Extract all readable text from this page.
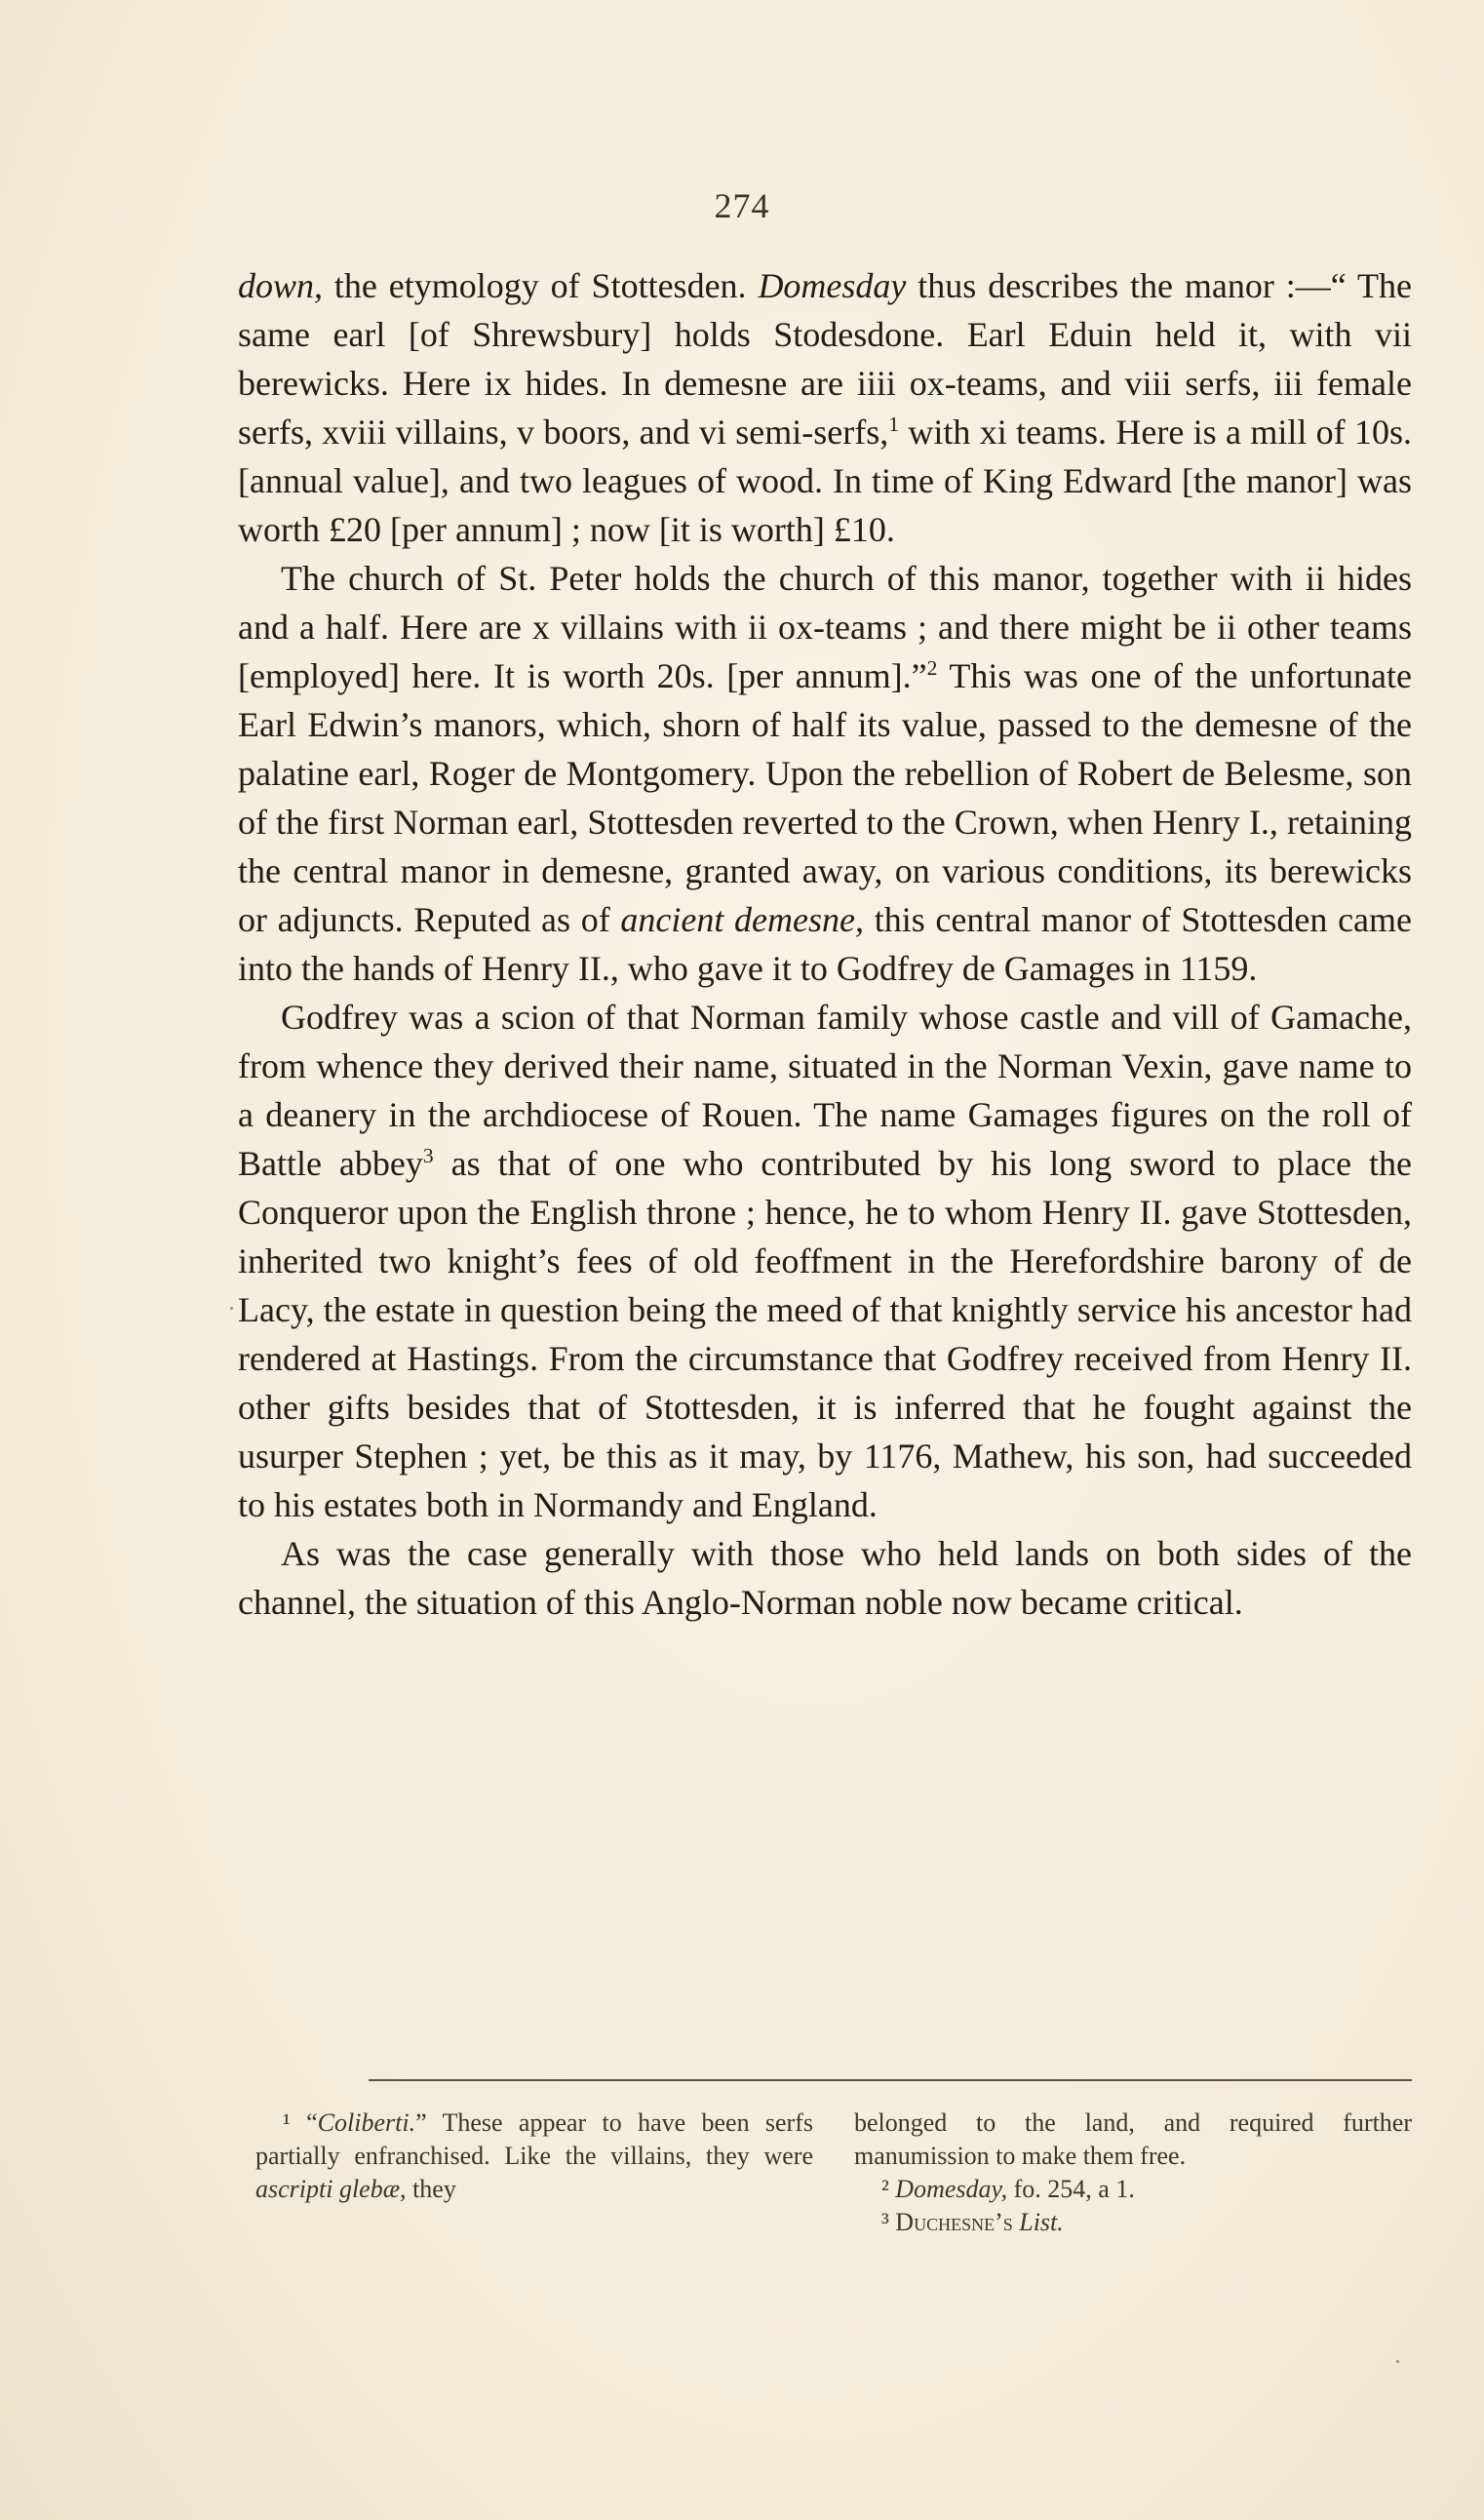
274

down, the etymology of Stottesden. Domesday thus describes the manor :—“ The same earl [of Shrewsbury] holds Stodesdone. Earl Eduin held it, with vii berewicks. Here ix hides. In demesne are iiii ox-teams, and viii serfs, iii female serfs, xviii villains, v boors, and vi semi-serfs,$^1$ with xi teams. Here is a mill of 10s. [annual value], and two leagues of wood. In time of King Edward [the manor] was worth £20 [per annum] ; now [it is worth] £10.

The church of St. Peter holds the church of this manor, together with ii hides and a half. Here are x villains with ii ox-teams ; and there might be ii other teams [employed] here. It is worth 20s. [per annum].”$^2$ This was one of the unfortunate Earl Edwin’s manors, which, shorn of half its value, passed to the demesne of the palatine earl, Roger de Montgomery. Upon the rebellion of Robert de Belesme, son of the first Norman earl, Stottesden reverted to the Crown, when Henry I., retaining the central manor in demesne, granted away, on various conditions, its berewicks or adjuncts. Reputed as of ancient demesne, this central manor of Stottesden came into the hands of Henry II., who gave it to Godfrey de Gamages in 1159.

Godfrey was a scion of that Norman family whose castle and vill of Gamache, from whence they derived their name, situated in the Norman Vexin, gave name to a deanery in the archdiocese of Rouen. The name Gamages figures on the roll of Battle abbey$^3$ as that of one who contributed by his long sword to place the Conqueror upon the English throne ; hence, he to whom Henry II. gave Stottesden, inherited two knight’s fees of old feoffment in the Herefordshire barony of de Lacy, the estate in question being the meed of that knightly service his ancestor had rendered at Hastings. From the circumstance that Godfrey received from Henry II. other gifts besides that of Stottesden, it is inferred that he fought against the usurper Stephen ; yet, be this as it may, by 1176, Mathew, his son, had succeeded to his estates both in Normandy and England.

As was the case generally with those who held lands on both sides of the channel, the situation of this Anglo-Norman noble now became critical.

¹ “Coliberti.” These appear to have been serfs partially enfranchised. Like the villains, they were ascripti glebæ, they

belonged to the land, and required further manumission to make them free.

² Domesday, fo. 254, a 1.

³ Duchesne’s List.
